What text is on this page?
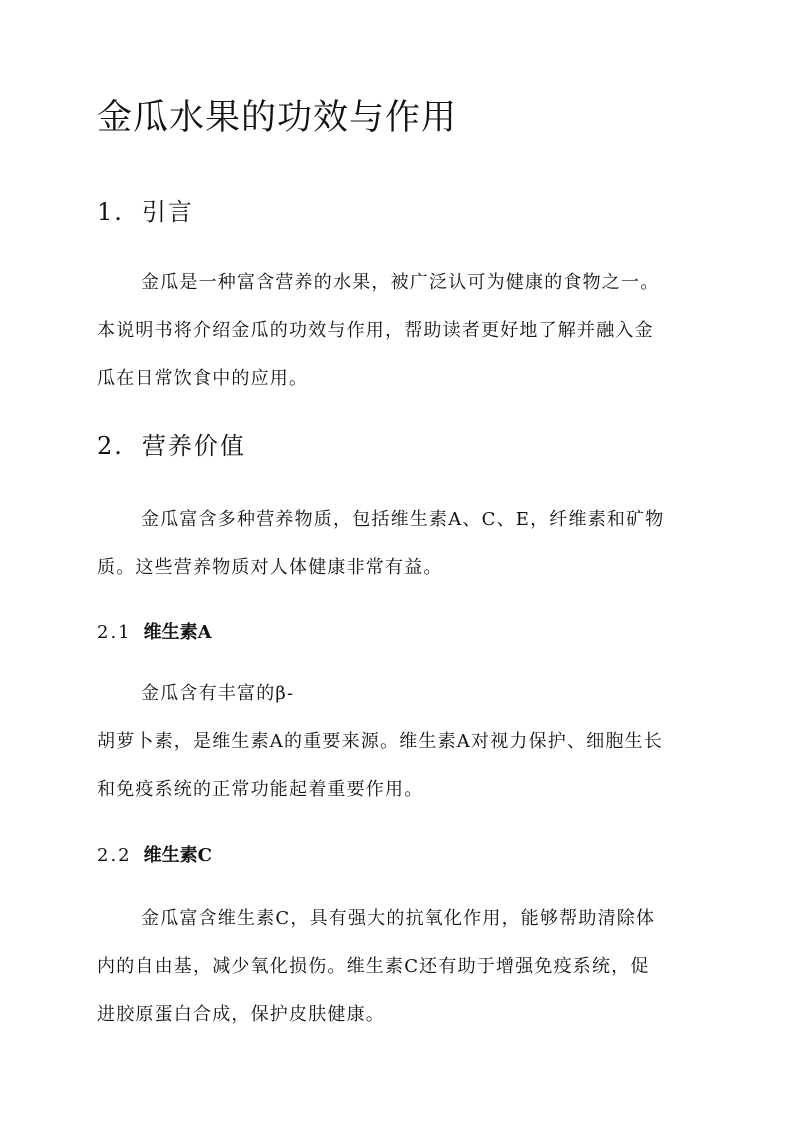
金瓜水果的功效与作用
1. 引言

金瓜是一种富含营养的水果，被广泛认可为健康的食物之一。
本说明书将介绍金瓜的功效与作用，帮助读者更好地了解并融入金
瓜在日常饮食中的应用。

2. 营养价值

金瓜富含多种营养物质，包括维生素A、C、E，纤维素和矿物
质。这些营养物质对人体健康非常有益。

2.1 维生素A

金瓜含有丰富的β-
胡萝卜素，是维生素A的重要来源。维生素A对视力保护、细胞生长
和免疫系统的正常功能起着重要作用。

2.2 维生素C

金瓜富含维生素C，具有强大的抗氧化作用，能够帮助清除体
内的自由基，减少氧化损伤。维生素C还有助于增强免疫系统，促
进胶原蛋白合成，保护皮肤健康。
